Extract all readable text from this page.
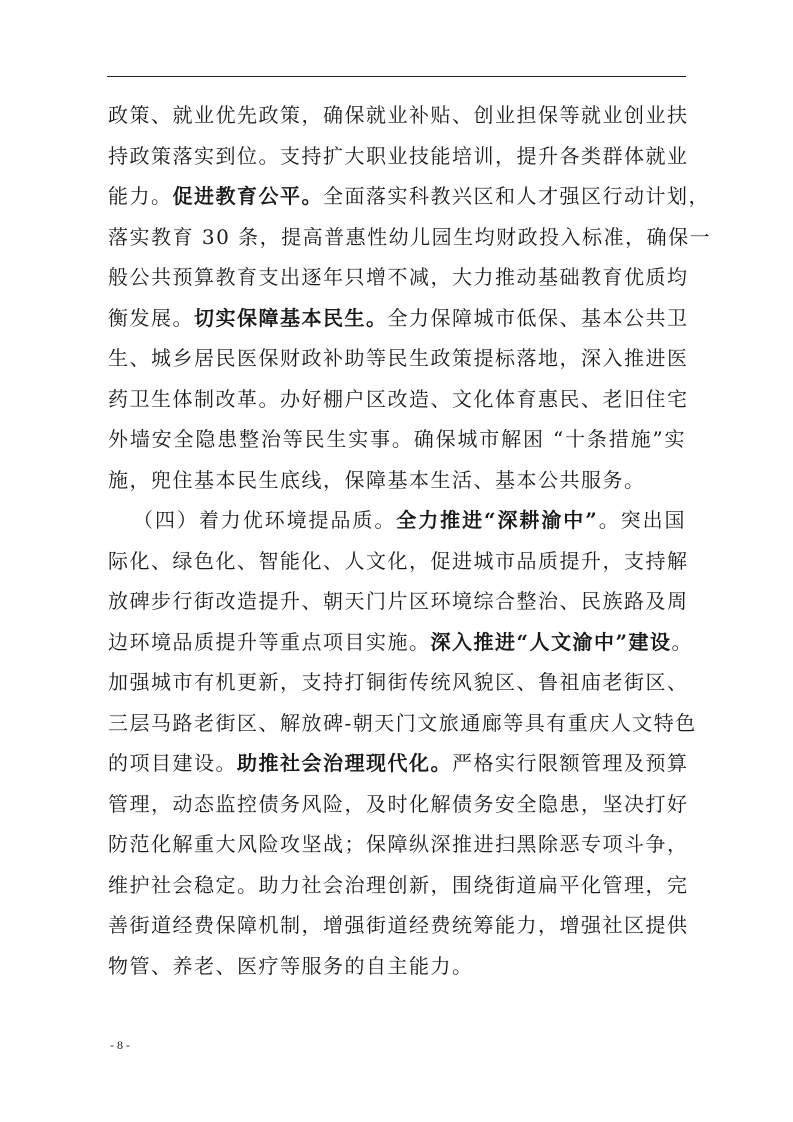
政策、就业优先政策，确保就业补贴、创业担保等就业创业扶
持政策落实到位。支持扩大职业技能培训，提升各类群体就业
能力。促进教育公平。全面落实科教兴区和人才强区行动计划，
落实教育 30 条，提高普惠性幼儿园生均财政投入标准，确保一
般公共预算教育支出逐年只增不减，大力推动基础教育优质均
衡发展。切实保障基本民生。全力保障城市低保、基本公共卫
生、城乡居民医保财政补助等民生政策提标落地，深入推进医
药卫生体制改革。办好棚户区改造、文化体育惠民、老旧住宅
外墙安全隐患整治等民生实事。确保城市解困 “十条措施”实
施，兜住基本民生底线，保障基本生活、基本公共服务。
（四）着力优环境提品质。全力推进“深耕渝中”。突出国
际化、绿色化、智能化、人文化，促进城市品质提升，支持解
放碑步行街改造提升、朝天门片区环境综合整治、民族路及周
边环境品质提升等重点项目实施。深入推进“人文渝中”建设。
加强城市有机更新，支持打铜街传统风貌区、鲁祖庙老街区、
三层马路老街区、解放碑-朝天门文旅通廊等具有重庆人文特色
的项目建设。助推社会治理现代化。严格实行限额管理及预算
管理，动态监控债务风险，及时化解债务安全隐患，坚决打好
防范化解重大风险攻坚战；保障纵深推进扫黑除恶专项斗争，
维护社会稳定。助力社会治理创新，围绕街道扁平化管理，完
善街道经费保障机制，增强街道经费统筹能力，增强社区提供
物管、养老、医疗等服务的自主能力。
- 8 -
